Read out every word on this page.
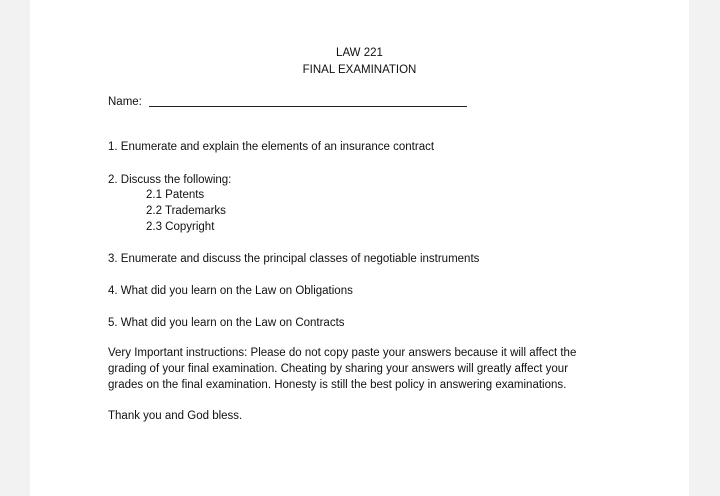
LAW 221
FINAL EXAMINATION
Name:
1. Enumerate and explain the elements of an insurance contract
2. Discuss the following:
2.1 Patents
2.2 Trademarks
2.3 Copyright
3. Enumerate and discuss the principal classes of negotiable instruments
4. What did you learn on the Law on Obligations
5. What did you learn on the Law on Contracts
Very Important instructions: Please do not copy paste your answers because it will affect the
grading of your final examination. Cheating by sharing your answers will greatly affect your
grades on the final examination. Honesty is still the best policy in answering examinations.
Thank you and God bless.
